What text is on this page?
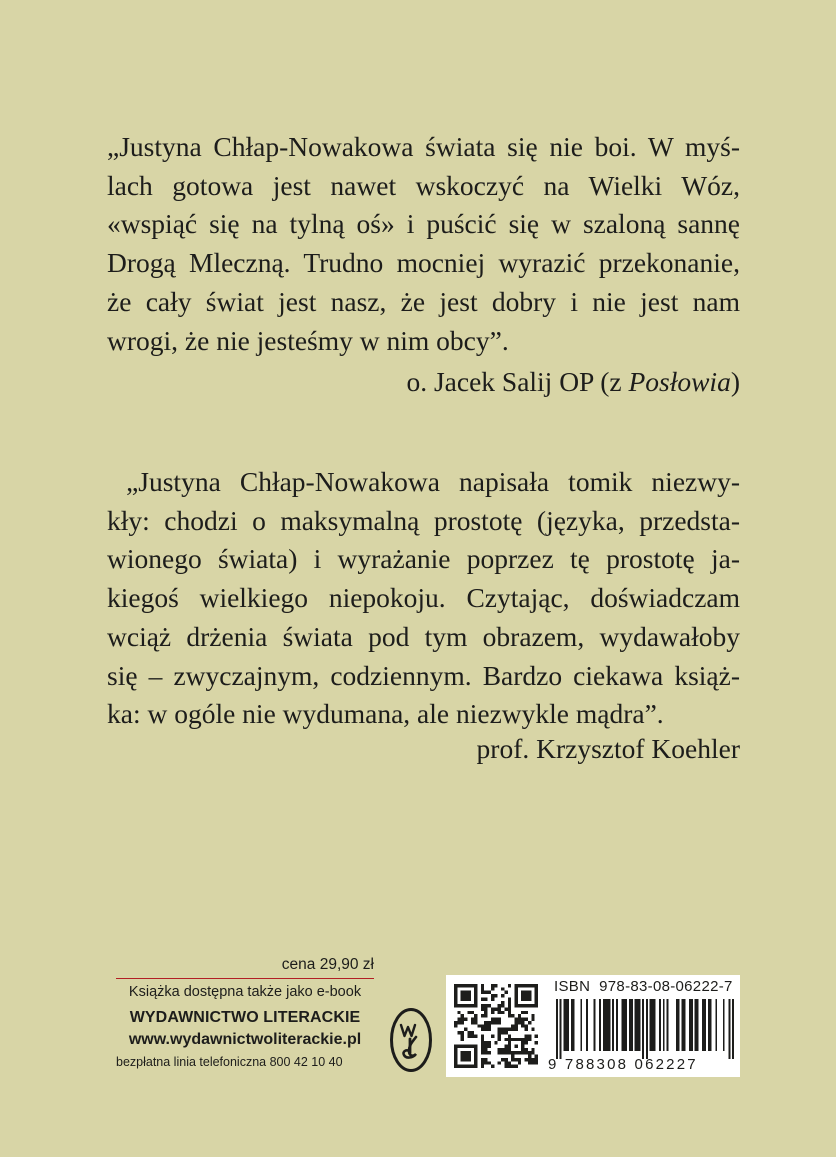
„Justyna Chłap-Nowakowa świata się nie boi. W myś-
lach gotowa jest nawet wskoczyć na Wielki Wóz,
«wspiąć się na tylną oś» i puścić się w szaloną sannę
Drogą Mleczną. Trudno mocniej wyrazić przekonanie,
że cały świat jest nasz, że jest dobry i nie jest nam
wrogi, że nie jesteśmy w nim obcy”.
o. Jacek Salij OP (z Posłowia)
„Justyna Chłap-Nowakowa napisała tomik niezwy-
kły: chodzi o maksymalną prostotę (języka, przedsta-
wionego świata) i wyrażanie poprzez tę prostotę ja-
kiegoś wielkiego niepokoju. Czytając, doświadczam
wciąż drżenia świata pod tym obrazem, wydawałoby
się – zwyczajnym, codziennym. Bardzo ciekawa książ-
ka: w ogóle nie wydumana, ale niezwykle mądra”.
prof. Krzysztof Koehler
cena 29,90 zł
Książka dostępna także jako e-book
WYDAWNICTWO LITERACKIE
www.wydawnictwoliterackie.pl
bezpłatna linia telefoniczna 800 42 10 40
ISBN  978-83-08-06222-7
9 788308 062227
